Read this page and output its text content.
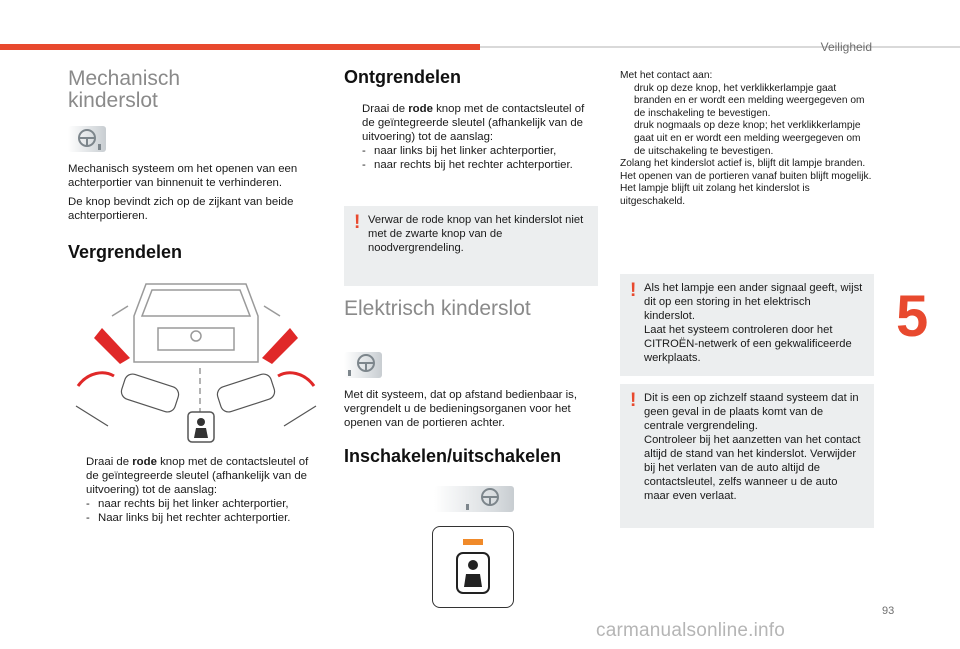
Veiligheid
5
93
carmanualsonline.info
Mechanisch
kinderslot
Mechanisch systeem om het openen van een achterportier van binnenuit te verhinderen.
De knop bevindt zich op de zijkant van beide achterportieren.
Vergrendelen
Draai de rode knop met de contactsleutel of de geïntegreerde sleutel (afhankelijk van de uitvoering) tot de aanslag:
- naar rechts bij het linker achterportier,
- Naar links bij het rechter achterportier.
Ontgrendelen
Draai de rode knop met de contactsleutel of de geïntegreerde sleutel (afhankelijk van de uitvoering) tot de aanslag:
- naar links bij het linker achterportier,
- naar rechts bij het rechter achterportier.
! Verwar de rode knop van het kinderslot niet met de zwarte knop van de noodvergrendeling.
Elektrisch kinderslot
Met dit systeem, dat op afstand bedienbaar is, vergrendelt u de bedieningsorganen voor het openen van de portieren achter.
Inschakelen/uitschakelen
Met het contact aan:
druk op deze knop, het verklikkerlampje gaat branden en er wordt een melding weergegeven om de inschakeling te bevestigen.
druk nogmaals op deze knop; het verklikkerlampje gaat uit en er wordt een melding weergegeven om de uitschakeling te bevestigen.
Zolang het kinderslot actief is, blijft dit lampje branden. Het openen van de portieren vanaf buiten blijft mogelijk.
Het lampje blijft uit zolang het kinderslot is uitgeschakeld.
! Als het lampje een ander signaal geeft, wijst dit op een storing in het elektrisch kinderslot.
Laat het systeem controleren door het CITROËN-netwerk of een gekwalificeerde werkplaats.
! Dit is een op zichzelf staand systeem dat in geen geval in de plaats komt van de centrale vergrendeling.
Controleer bij het aanzetten van het contact altijd de stand van het kinderslot. Verwijder bij het verlaten van de auto altijd de contactsleutel, zelfs wanneer u de auto maar even verlaat.
